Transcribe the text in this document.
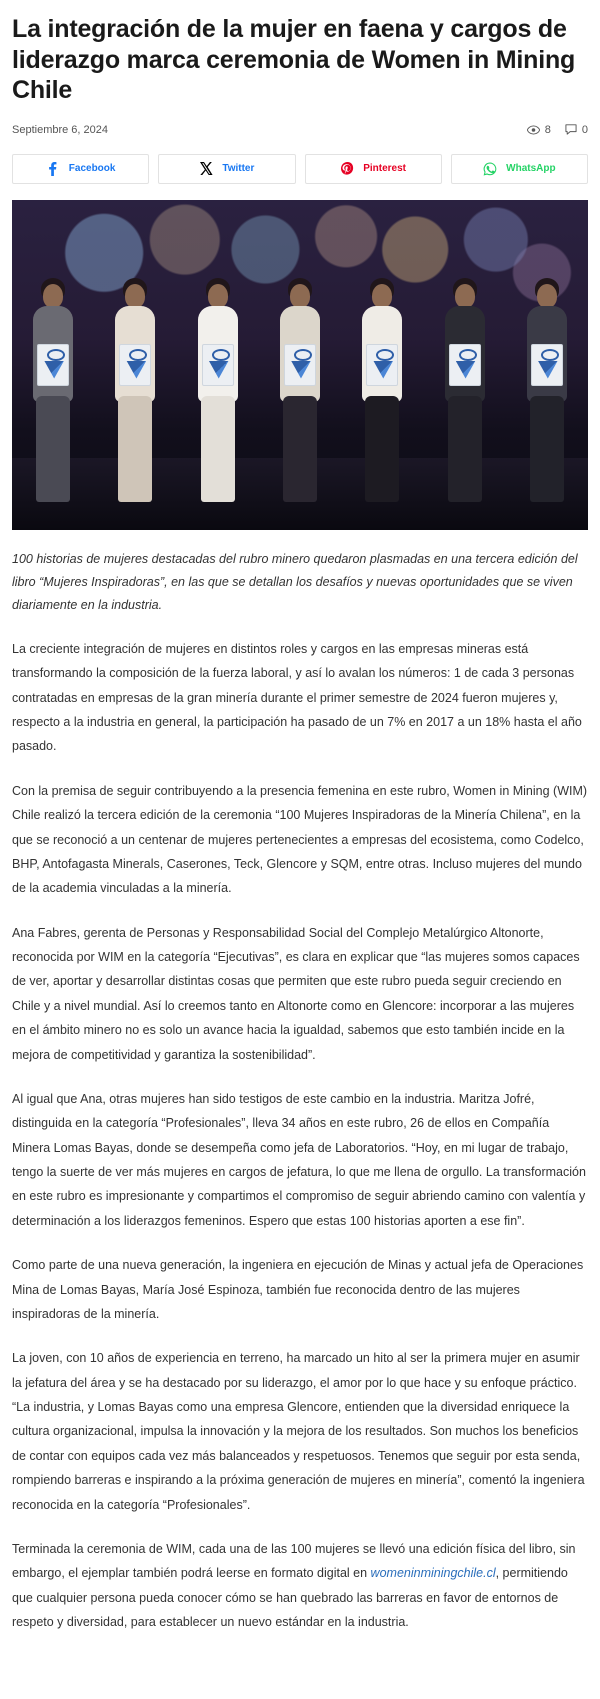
La integración de la mujer en faena y cargos de liderazgo marca ceremonia de Women in Mining Chile
Septiembre 6, 2024	8	0
Facebook	Twitter	Pinterest	WhatsApp

100 historias de mujeres destacadas del rubro minero quedaron plasmadas en una tercera edición del libro “Mujeres Inspiradoras”, en las que se detallan los desafíos y nuevas oportunidades que se viven diariamente en la industria.

La creciente integración de mujeres en distintos roles y cargos en las empresas mineras está transformando la composición de la fuerza laboral, y así lo avalan los números: 1 de cada 3 personas contratadas en empresas de la gran minería durante el primer semestre de 2024 fueron mujeres y, respecto a la industria en general, la participación ha pasado de un 7% en 2017 a un 18% hasta el año pasado.

Con la premisa de seguir contribuyendo a la presencia femenina en este rubro, Women in Mining (WIM) Chile realizó la tercera edición de la ceremonia “100 Mujeres Inspiradoras de la Minería Chilena”, en la que se reconoció a un centenar de mujeres pertenecientes a empresas del ecosistema, como Codelco, BHP, Antofagasta Minerals, Caserones, Teck, Glencore y SQM, entre otras. Incluso mujeres del mundo de la academia vinculadas a la minería.

Ana Fabres, gerenta de Personas y Responsabilidad Social del Complejo Metalúrgico Altonorte, reconocida por WIM en la categoría “Ejecutivas”, es clara en explicar que “las mujeres somos capaces de ver, aportar y desarrollar distintas cosas que permiten que este rubro pueda seguir creciendo en Chile y a nivel mundial. Así lo creemos tanto en Altonorte como en Glencore: incorporar a las mujeres en el ámbito minero no es solo un avance hacia la igualdad, sabemos que esto también incide en la mejora de competitividad y garantiza la sostenibilidad”.

Al igual que Ana, otras mujeres han sido testigos de este cambio en la industria. Maritza Jofré, distinguida en la categoría “Profesionales”, lleva 34 años en este rubro, 26 de ellos en Compañía Minera Lomas Bayas, donde se desempeña como jefa de Laboratorios. “Hoy, en mi lugar de trabajo, tengo la suerte de ver más mujeres en cargos de jefatura, lo que me llena de orgullo. La transformación en este rubro es impresionante y compartimos el compromiso de seguir abriendo camino con valentía y determinación a los liderazgos femeninos. Espero que estas 100 historias aporten a ese fin”.

Como parte de una nueva generación, la ingeniera en ejecución de Minas y actual jefa de Operaciones Mina de Lomas Bayas, María José Espinoza, también fue reconocida dentro de las mujeres inspiradoras de la minería.

La joven, con 10 años de experiencia en terreno, ha marcado un hito al ser la primera mujer en asumir la jefatura del área y se ha destacado por su liderazgo, el amor por lo que hace y su enfoque práctico. “La industria, y Lomas Bayas como una empresa Glencore, entienden que la diversidad enriquece la cultura organizacional, impulsa la innovación y la mejora de los resultados. Son muchos los beneficios de contar con equipos cada vez más balanceados y respetuosos. Tenemos que seguir por esta senda, rompiendo barreras e inspirando a la próxima generación de mujeres en minería”, comentó la ingeniera reconocida en la categoría “Profesionales”.

Terminada la ceremonia de WIM, cada una de las 100 mujeres se llevó una edición física del libro, sin embargo, el ejemplar también podrá leerse en formato digital en womeninminingchile.cl, permitiendo que cualquier persona pueda conocer cómo se han quebrado las barreras en favor de entornos de respeto y diversidad, para establecer un nuevo estándar en la industria.
